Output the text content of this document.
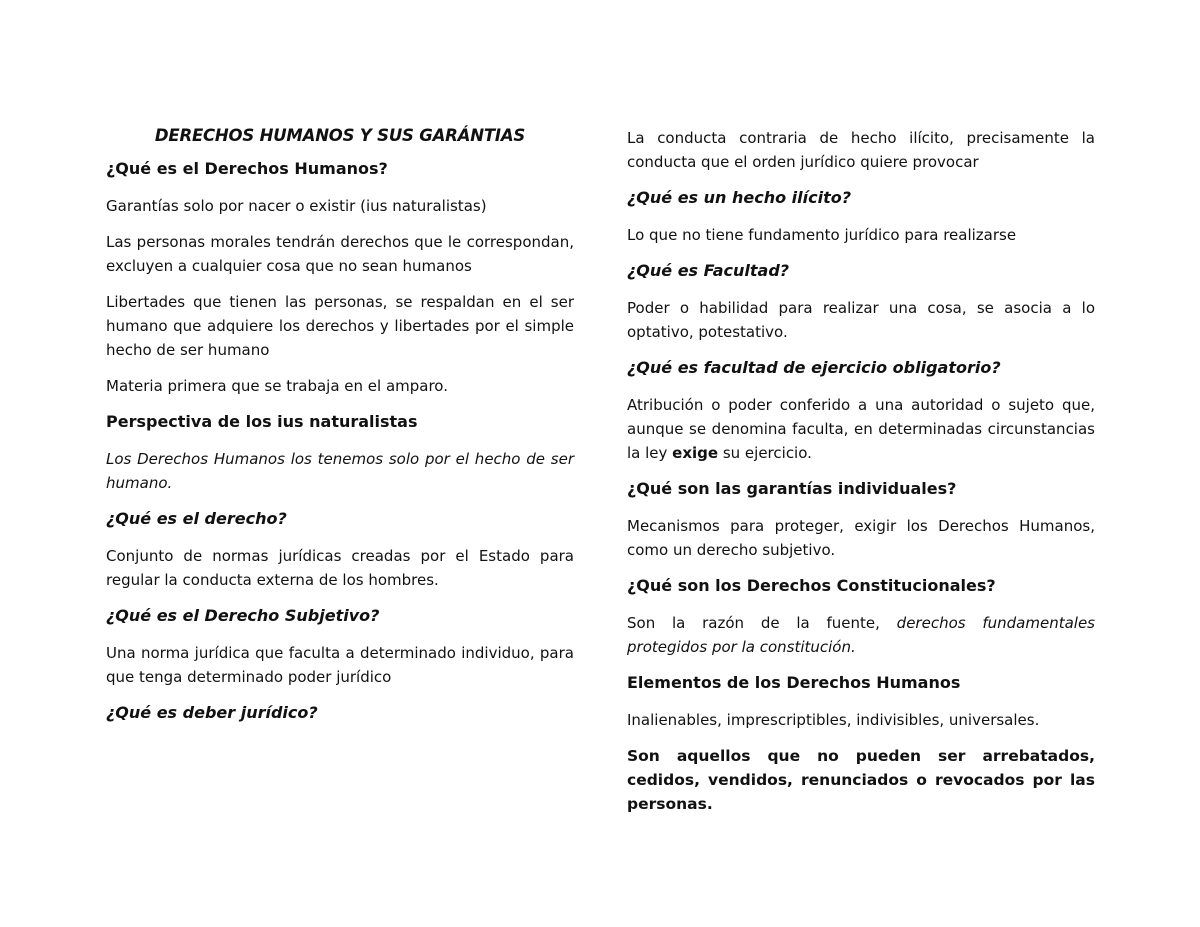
DERECHOS HUMANOS Y SUS GARÁNTIAS
¿Qué es el Derechos Humanos?

Garantías solo por nacer o existir (ius naturalistas)

Las personas morales tendrán derechos que le correspondan, excluyen a cualquier cosa que no sean humanos

Libertades que tienen las personas, se respaldan en el ser humano que adquiere los derechos y libertades por el simple hecho de ser humano

Materia primera que se trabaja en el amparo.

Perspectiva de los ius naturalistas

Los Derechos Humanos los tenemos solo por el hecho de ser humano.

¿Qué es el derecho?

Conjunto de normas jurídicas creadas por el Estado para regular la conducta externa de los hombres.

¿Qué es el Derecho Subjetivo?

Una norma jurídica que faculta a determinado individuo, para que tenga determinado poder jurídico

¿Qué es deber jurídico?

La conducta contraria de hecho ilícito, precisamente la conducta que el orden jurídico quiere provocar

¿Qué es un hecho ilícito?

Lo que no tiene fundamento jurídico para realizarse

¿Qué es Facultad?

Poder o habilidad para realizar una cosa, se asocia a lo optativo, potestativo.

¿Qué es facultad de ejercicio obligatorio?

Atribución o poder conferido a una autoridad o sujeto que, aunque se denomina faculta, en determinadas circunstancias la ley exige su ejercicio.

¿Qué son las garantías individuales?

Mecanismos para proteger, exigir los Derechos Humanos, como un derecho subjetivo.

¿Qué son los Derechos Constitucionales?

Son la razón de la fuente, derechos fundamentales protegidos por la constitución.

Elementos de los Derechos Humanos

Inalienables, imprescriptibles, indivisibles, universales.

Son aquellos que no pueden ser arrebatados, cedidos, vendidos, renunciados o revocados por las personas.
